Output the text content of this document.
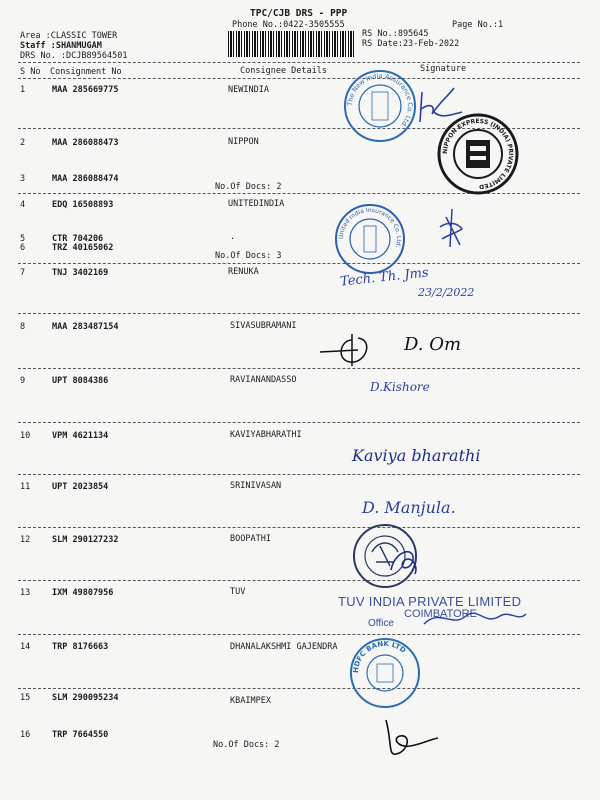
TPC/CJB DRS - PPP
Phone No.:0422-3505555
RS No.:895645
RS Date:23-Feb-2022
Page No.:1
Area :CLASSIC TOWER
Staff :SHANMUGAM
DRS No. :DCJB89564501
S No Consignment No	Consignee Details	Signature
1	MAA 285669775	NEWINDIA
2	MAA 286088473	NIPPON
3	MAA 286088474
No.Of Docs: 2
4	EDQ 16508893	UNITEDINDIA
5	CTR 704206	.
6	TRZ 40165062
No.Of Docs: 3
7	TNJ 3402169	RENUKA
8	MAA 283487154	SIVASUBRAMANI
9	UPT 8084386	RAVIANANDASSO
10	VPM 4621134	KAVIYABHARATHI
11	UPT 2023854	SRINIVASAN
12	SLM 290127232	BOOPATHI
13	IXM 49807956	TUV
14	TRP 8176663	DHANALAKSHMI GAJENDRA
15	SLM 290095234	KBAIMPEX
16	TRP 7664550
No.Of Docs: 2
The New India Assurance Co. Ltd.
NIPPON EXPRESS (INDIA) PRIVATE LIMITED
United India Insurance Co. Ltd.
Tech. Th. Jms
23/2/2022
D. Om
D.Kishore
Kaviya bharathi
D. Manjula.
TUV INDIA PRIVATE LIMITED
COIMBATORE
Office
HDFC BANK LTD
